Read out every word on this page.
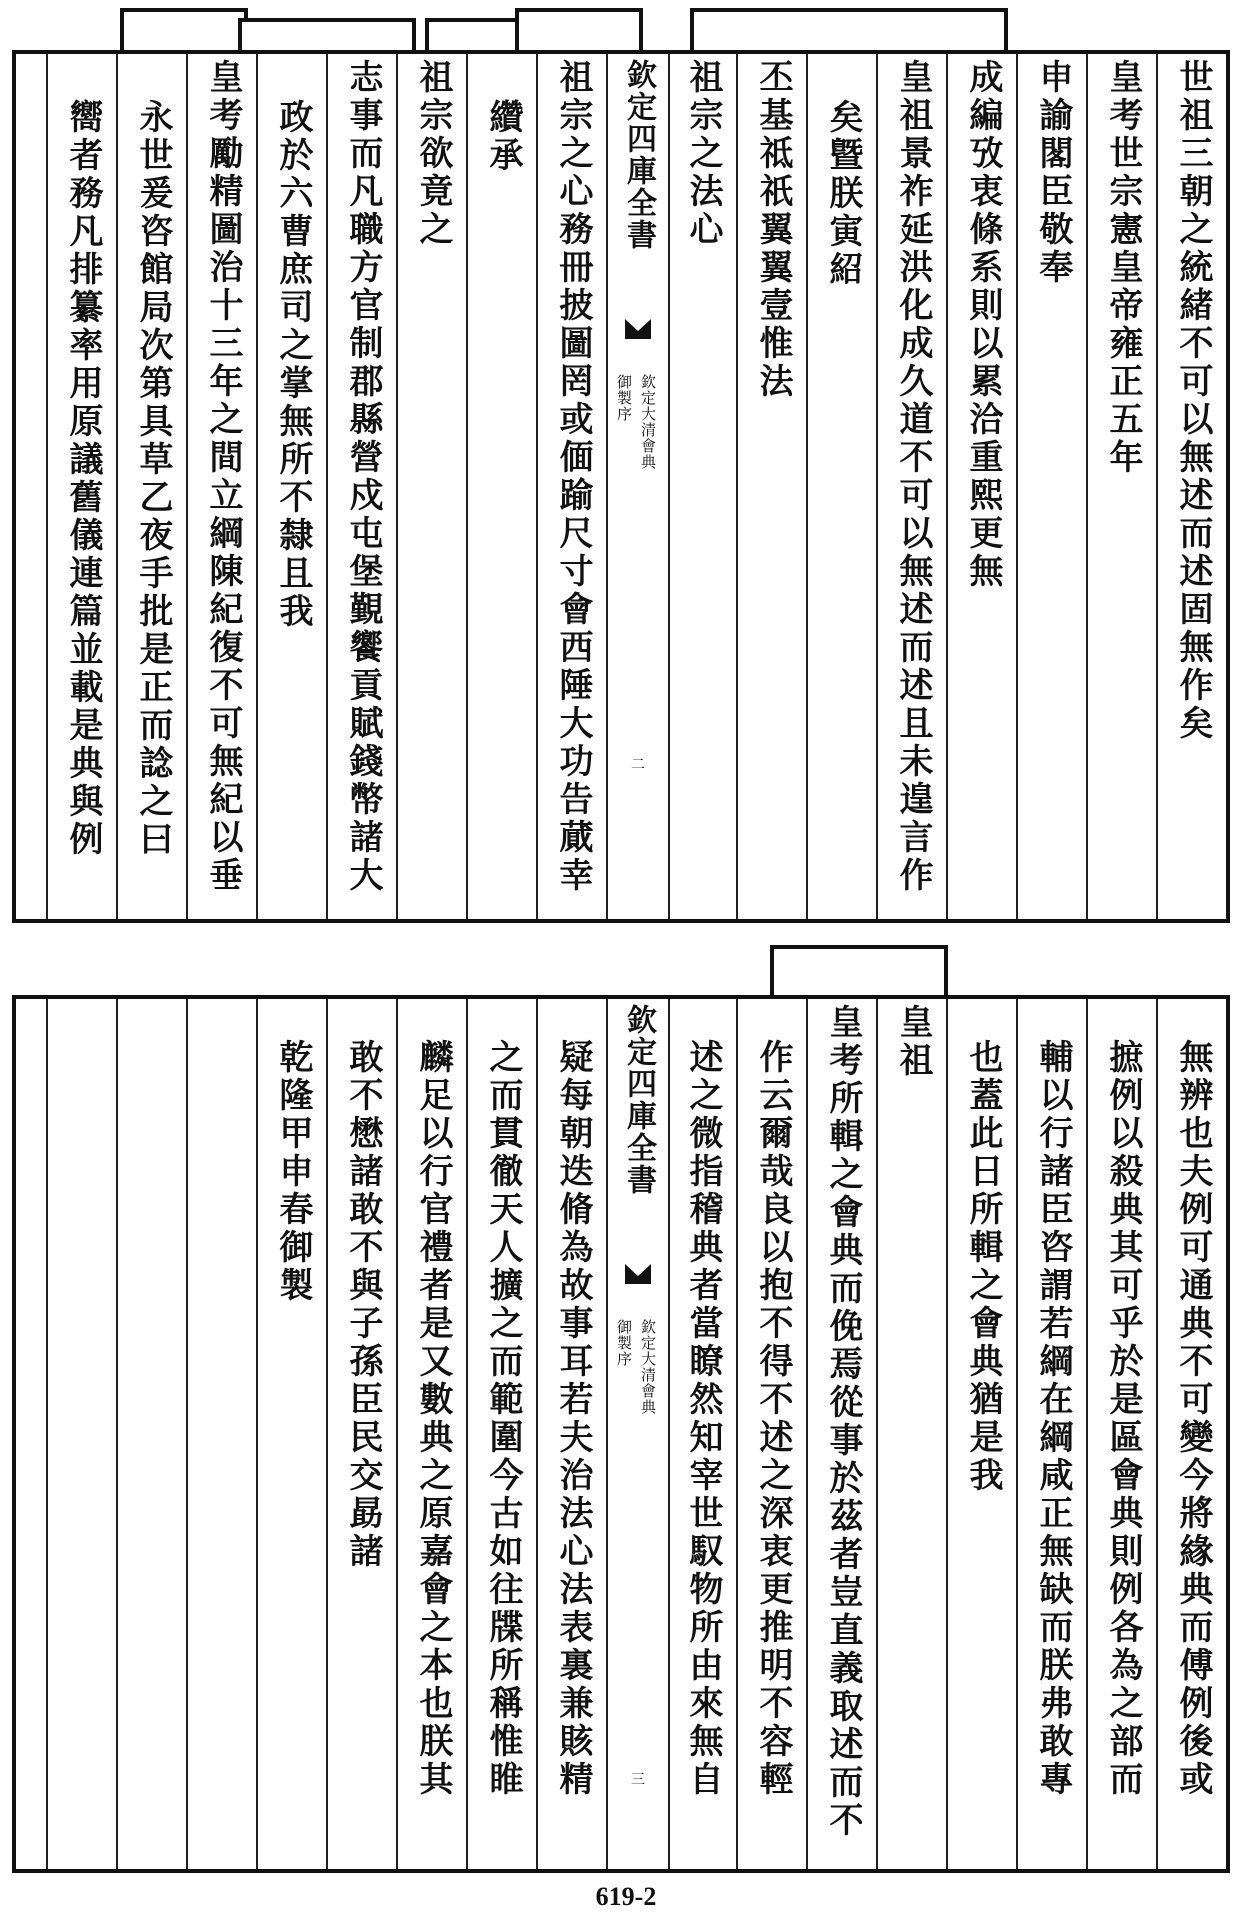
世祖三朝之統緒不可以無述而述固無作矣
皇考世宗憲皇帝雍正五年
申諭閣臣敬奉
成編攷衷條系則以累洽重熙更無
皇祖景祚延洪化成久道不可以無述而述且未遑言作
矣曁朕寅紹
丕基祗祇翼翼壹惟法
祖宗之法心
欽定四庫全書
欽定大清會典
御製序
二
祖宗之心務冊披圖罔或偭踰尺寸會西陲大功告蕆幸
纘承
祖宗欲竟之
志事而凡職方官制郡縣營戍屯堡覲饗貢賦錢幣諸大
政於六曹庶司之掌無所不隸且我
皇考勵精圖治十三年之間立綱陳紀復不可無紀以垂
永世爰咨館局次第具草乙夜手批是正而諗之曰
嚮者務凡排纂率用原議舊儀連篇並載是典與例
無辨也夫例可通典不可變今將緣典而傅例後或
摭例以殺典其可乎於是區會典則例各為之部而
輔以行諸臣咨謂若綱在綱咸正無缺而朕弗敢專
也蓋此日所輯之會典猶是我
皇祖
皇考所輯之會典而俛焉從事於茲者豈直義取述而不
作云爾哉良以抱不得不述之深衷更推明不容輕
述之微指稽典者當瞭然知宰世馭物所由來無自
欽定四庫全書
欽定大清會典
御製序
三
疑每朝迭脩為故事耳若夫治法心法表裏兼賅精
之而貫徹天人擴之而範圍今古如往牒所稱惟睢
麟足以行官禮者是又數典之原嘉會之本也朕其
敢不懋諸敢不與子孫臣民交勗諸
乾隆甲申春御製
619-2
